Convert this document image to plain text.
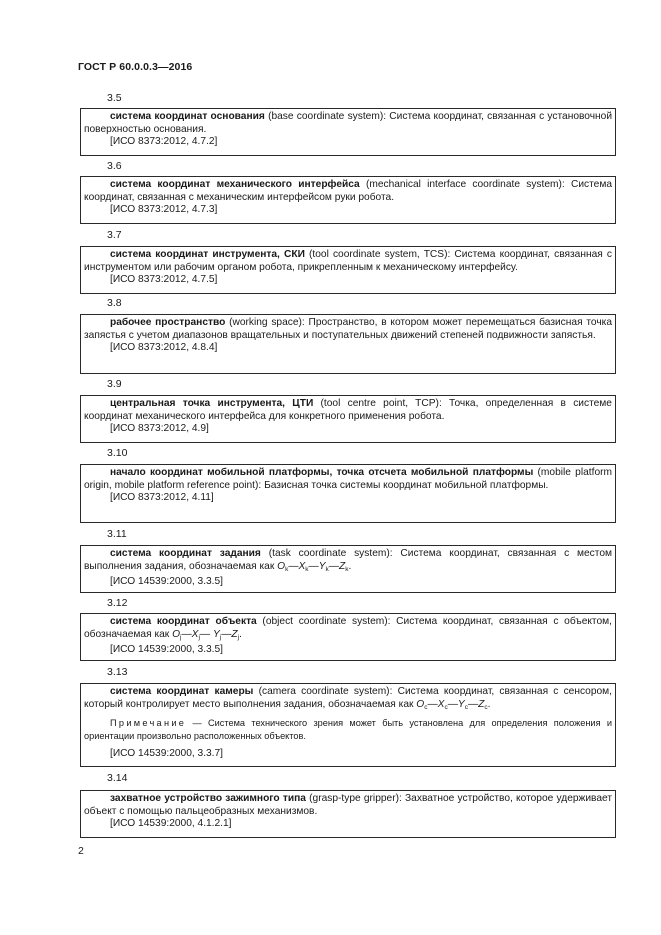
ГОСТ Р 60.0.0.3—2016
3.5

система координат основания (base coordinate system): Система координат, связанная с установочной поверхностью основания.

[ИСО 8373:2012, 4.7.2]

3.6

система координат механического интерфейса (mechanical interface coordinate system): Система координат, связанная с механическим интерфейсом руки робота.

[ИСО 8373:2012, 4.7.3]

3.7

система координат инструмента, СКИ (tool coordinate system, TCS): Система координат, связанная с инструментом или рабочим органом робота, прикрепленным к механическому интерфейсу.

[ИСО 8373:2012, 4.7.5]

3.8

рабочее пространство (working space): Пространство, в котором может перемещаться базисная точка запястья с учетом диапазонов вращательных и поступательных движений степеней подвижности запястья.

[ИСО 8373:2012, 4.8.4]

3.9

центральная точка инструмента, ЦТИ (tool centre point, TCP): Точка, определенная в системе координат механического интерфейса для конкретного применения робота.

[ИСО 8373:2012, 4.9]

3.10

начало координат мобильной платформы, точка отсчета мобильной платформы (mobile platform origin, mobile platform reference point): Базисная точка системы координат мобильной платформы.

[ИСО 8373:2012, 4.11]

3.11

система координат задания (task coordinate system): Система координат, связанная с местом выполнения задания, обозначаемая как $O_k—X_k—Y_k—Z_k$.

[ИСО 14539:2000, 3.3.5]

3.12

система координат объекта (object coordinate system): Система координат, связанная с объектом, обозначаемая как $O_j—X_j—$ $Y_j—Z_j$.

[ИСО 14539:2000, 3.3.5]

3.13

система координат камеры (camera coordinate system): Система координат, связанная с сенсором, который контролирует место выполнения задания, обозначаемая как $O_c—X_c—Y_c—Z_c$.

Примечание — Система технического зрения может быть установлена для определения положения и ориентации произвольно расположенных объектов.

[ИСО 14539:2000, 3.3.7]

3.14

захватное устройство зажимного типа (grasp-type gripper): Захватное устройство, которое удерживает объект с помощью пальцеобразных механизмов.

[ИСО 14539:2000, 4.1.2.1]

2
